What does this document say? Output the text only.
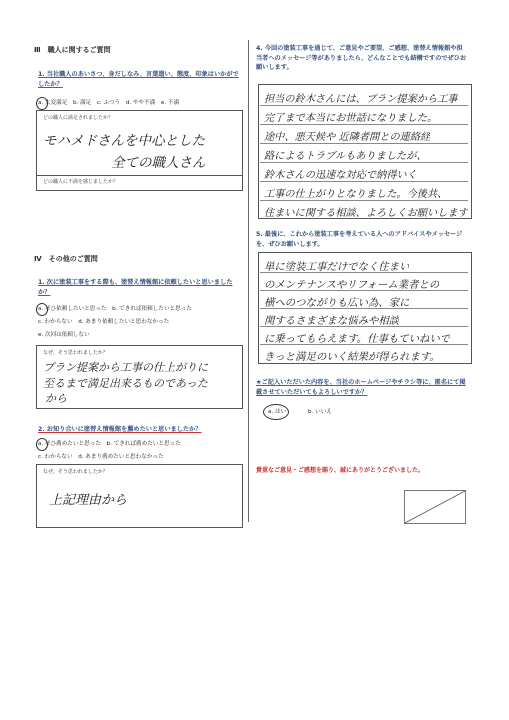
Ⅲ　職人に関するご質問
1. 当社職人のあいさつ、身だしなみ、言葉遣い、態度、印象はいかがでしたか？
a. 大変満足　b. 満足　c. ふつう　d. やや不満　e. 不満
どの職人に満足されましたか？
モハメドさんを中心とした
全ての職人さん
どの職人に不満を感じましたか？
Ⅳ　その他のご質問
1. 次に塗装工事をする際も、塗替え情報館に依頼したいと思いましたか？
a. ぜひ依頼したいと思った　b. できれば依頼したいと思った
c. わからない　d. あまり依頼したいと思わなかった
e. 次回は依頼しない
なぜ、そう思われましたか？
プラン提案から工事の仕上がりに
至るまで満足出来るものであった
から
2. お知り合いに塗替え情報館を薦めたいと思いましたか？
a. ぜひ薦めたいと思った　b. できれば薦めたいと思った
c. わからない　d. あまり薦めたいと思わなかった
なぜ、そう思われましたか？
上記理由から
4. 今回の塗装工事を通じて、ご意見やご要望、ご感想、塗替え情報館や担当者へのメッセージ等がありましたら、どんなことでも結構ですのでぜひお願いします。
担当の鈴木さんには、プラン提案から工事
完了まで本当にお世話になりました。
途中、悪天候や 近隣者間との連絡経
路によるトラブルもありましたが、
鈴木さんの迅速な対応で納得いく
工事の仕上がりとなりました。今後共、
住まいに関する相談、よろしくお願いします
5. 最後に、これから塗装工事を考えている人へのアドバイスやメッセージを、ぜひお願いします。
単に塗装工事だけでなく住まい
のメンテナンスやリフォーム業者との
横へのつながりも広い為、家に
関するさまざまな悩みや相談
に乗ってもらえます。仕事もていねいで
きっと満足のいく結果が得られます。
★ご記入いただいた内容を、当社のホームページやチラシ等に、匿名にて掲載させていただいてもよろしいですか？
a. はい	b. いいえ
貴重なご意見・ご感想を賜り、誠にありがとうございました。
